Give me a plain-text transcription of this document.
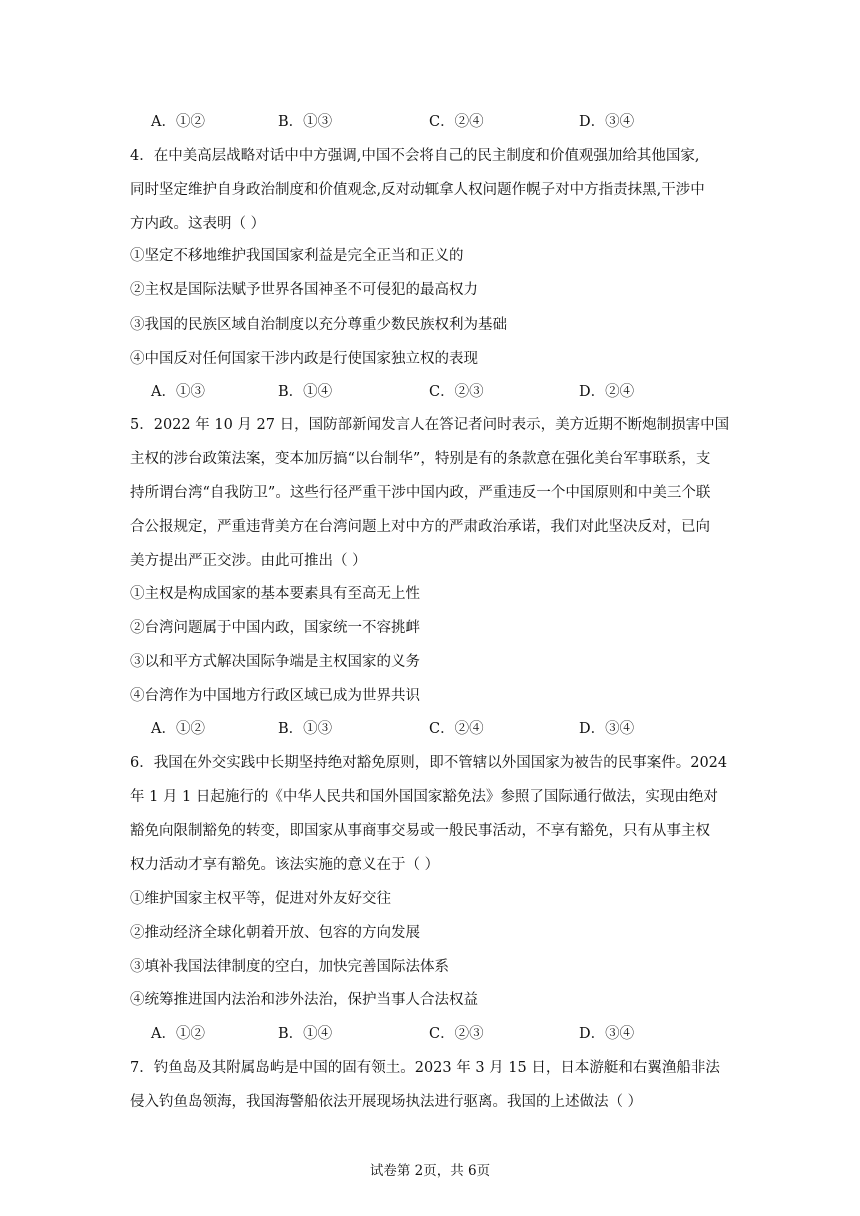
A．①②	B．①③	C．②④	D．③④
4．在中美高层战略对话中中方强调,中国不会将自己的民主制度和价值观强加给其他国家,
同时坚定维护自身政治制度和价值观念,反对动辄拿人权问题作幌子对中方指责抹黑,干涉中
方内政。这表明（ ）
①坚定不移地维护我国国家利益是完全正当和正义的
②主权是国际法赋予世界各国神圣不可侵犯的最高权力
③我国的民族区域自治制度以充分尊重少数民族权利为基础
④中国反对任何国家干涉内政是行使国家独立权的表现
A．①③	B．①④	C．②③	D．②④
5．2022 年 10 月 27 日，国防部新闻发言人在答记者问时表示，美方近期不断炮制损害中国
主权的涉台政策法案，变本加厉搞“以台制华”，特别是有的条款意在强化美台军事联系，支
持所谓台湾“自我防卫”。这些行径严重干涉中国内政，严重违反一个中国原则和中美三个联
合公报规定，严重违背美方在台湾问题上对中方的严肃政治承诺，我们对此坚决反对，已向
美方提出严正交涉。由此可推出（ ）
①主权是构成国家的基本要素具有至高无上性
②台湾问题属于中国内政，国家统一不容挑衅
③以和平方式解决国际争端是主权国家的义务
④台湾作为中国地方行政区域已成为世界共识
A．①②	B．①③	C．②④	D．③④
6．我国在外交实践中长期坚持绝对豁免原则，即不管辖以外国国家为被告的民事案件。2024
年 1 月 1 日起施行的《中华人民共和国外国国家豁免法》参照了国际通行做法，实现由绝对
豁免向限制豁免的转变，即国家从事商事交易或一般民事活动，不享有豁免，只有从事主权
权力活动才享有豁免。该法实施的意义在于（ ）
①维护国家主权平等，促进对外友好交往
②推动经济全球化朝着开放、包容的方向发展
③填补我国法律制度的空白，加快完善国际法体系
④统筹推进国内法治和涉外法治，保护当事人合法权益
A．①②	B．①④	C．②③	D．③④
7．钓鱼岛及其附属岛屿是中国的固有领土。2023 年 3 月 15 日，日本游艇和右翼渔船非法
侵入钓鱼岛领海，我国海警船依法开展现场执法进行驱离。我国的上述做法（ ）
试卷第 2页，共 6页
